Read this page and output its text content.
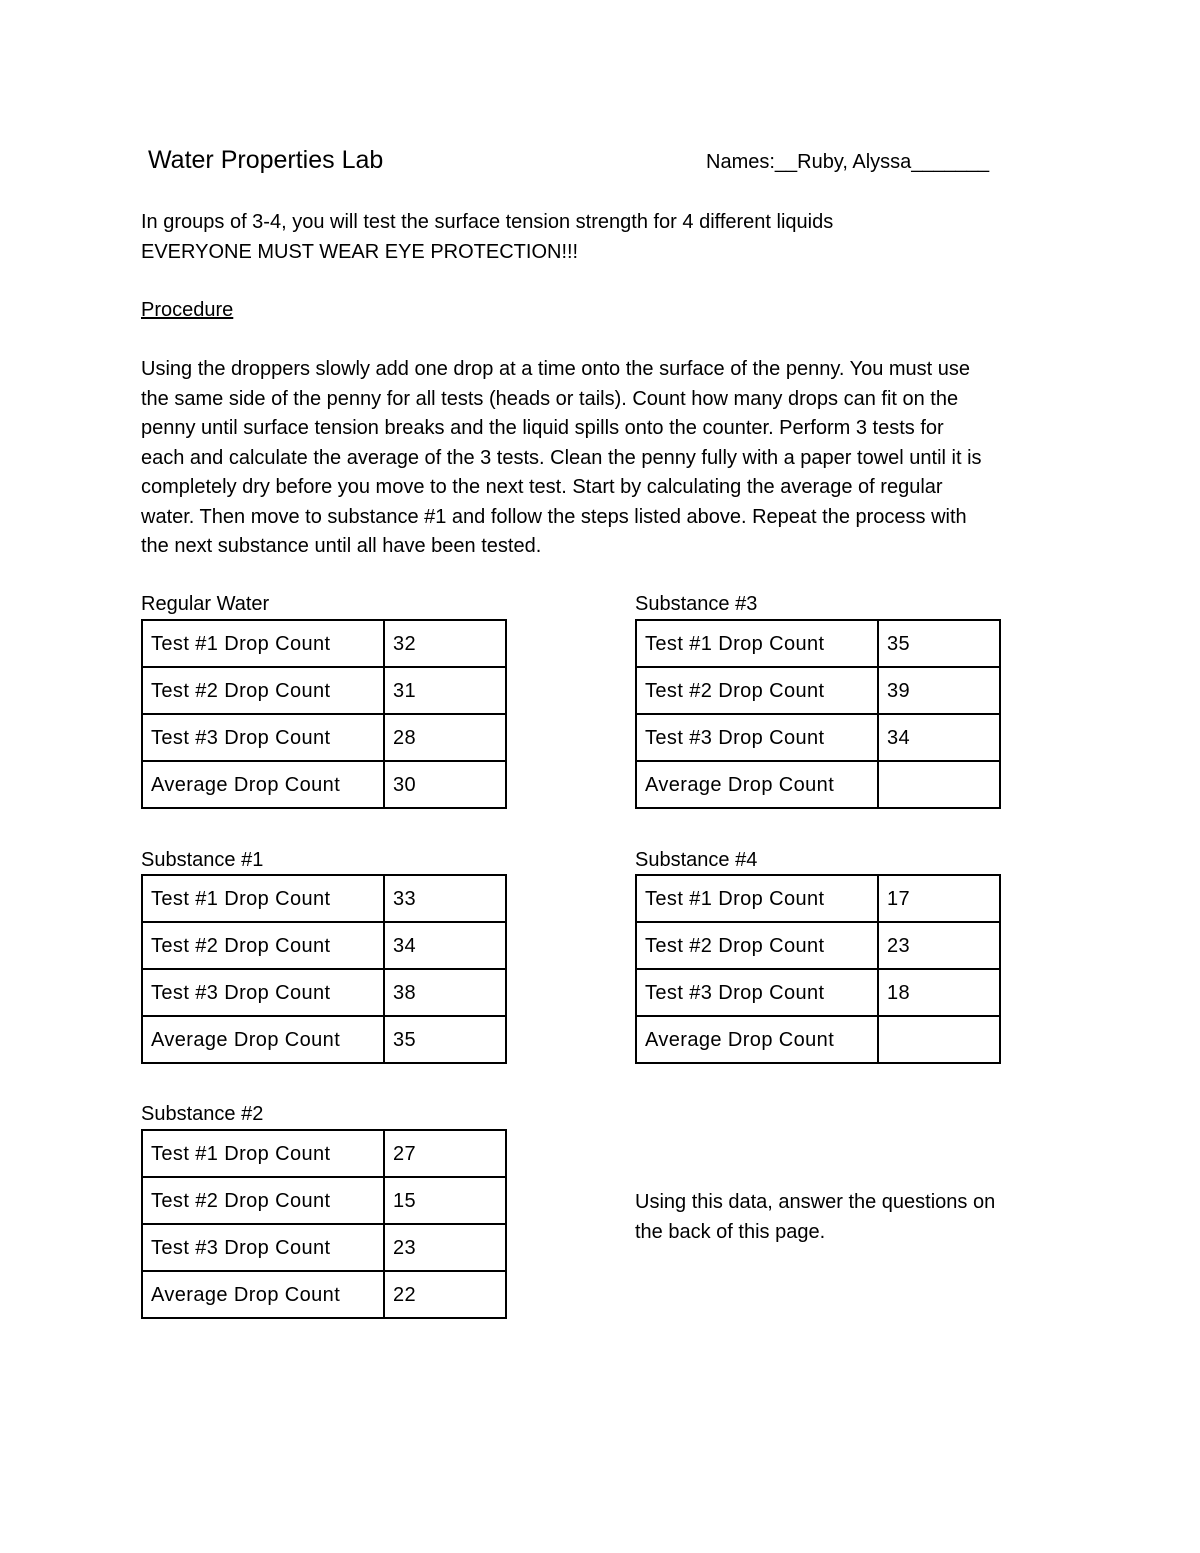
Water Properties Lab	Names:__Ruby, Alyssa_______
In groups of 3-4, you will test the surface tension strength for 4 different liquids
EVERYONE MUST WEAR EYE PROTECTION!!!
Procedure

Using the droppers slowly add one drop at a time onto the surface of the penny. You must use

the same side of the penny for all tests (heads or tails). Count how many drops can fit on the

penny until surface tension breaks and the liquid spills onto the counter. Perform 3 tests for

each and calculate the average of the 3 tests. Clean the penny fully with a paper towel until it is

completely dry before you move to the next test. Start by calculating the average of regular

water. Then move to substance #1 and follow the steps listed above. Repeat the process with

the next substance until all have been tested.

Regular Water
Test #1 Drop Count	32
Test #2 Drop Count	31
Test #3 Drop Count	28
Average Drop Count	30
Substance #3
Test #1 Drop Count	35
Test #2 Drop Count	39
Test #3 Drop Count	34
Average Drop Count	
Substance #1
Test #1 Drop Count	33
Test #2 Drop Count	34
Test #3 Drop Count	38
Average Drop Count	35
Substance #4
Test #1 Drop Count	17
Test #2 Drop Count	23
Test #3 Drop Count	18
Average Drop Count	
Substance #2
Test #1 Drop Count	27
Test #2 Drop Count	15
Test #3 Drop Count	23
Average Drop Count	22

Using this data, answer the questions on

the back of this page.
